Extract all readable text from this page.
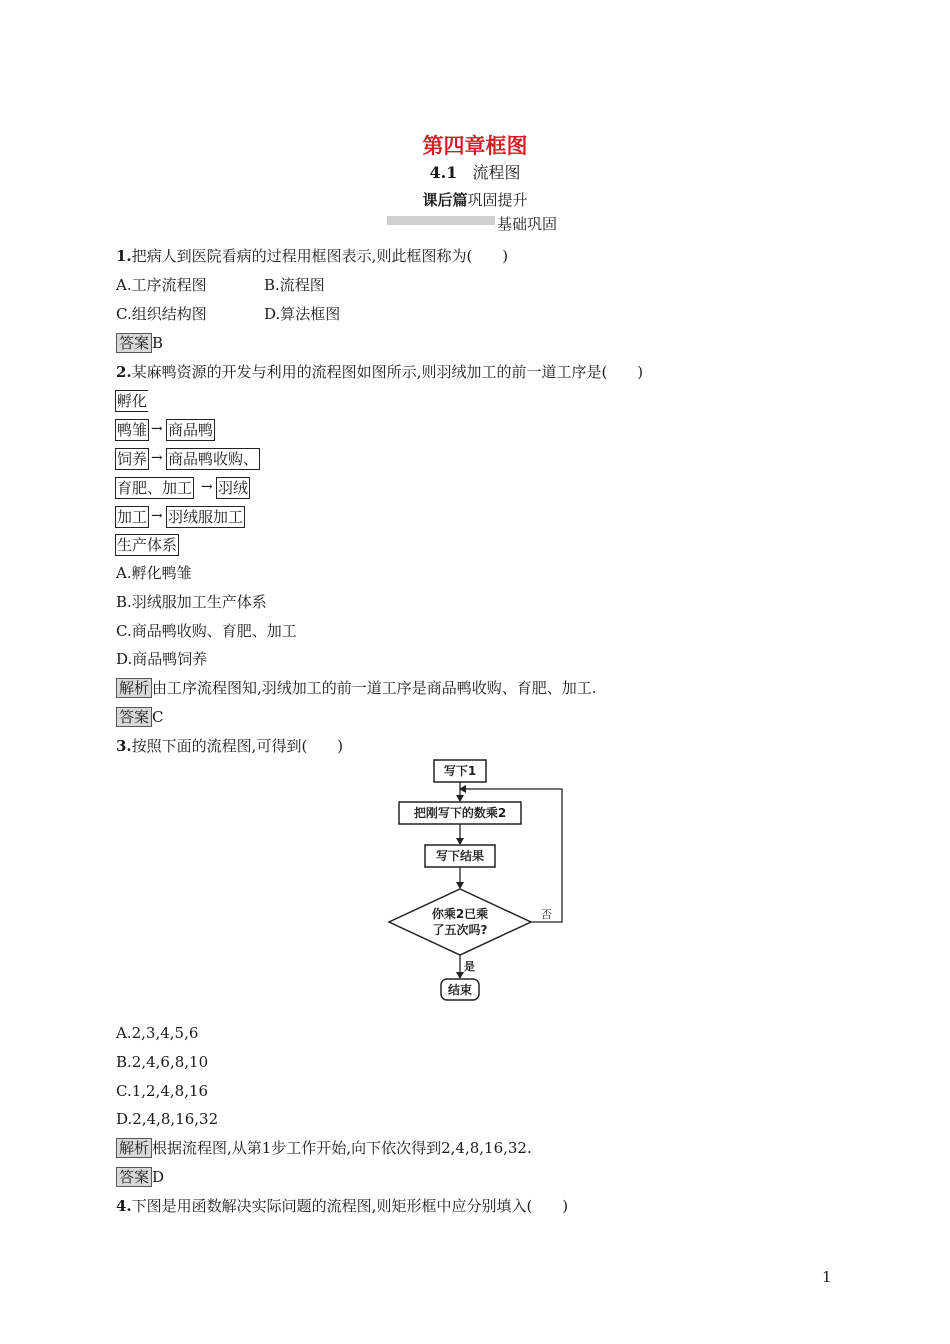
第四章框图
4.1 流程图
课后篇巩固提升
基础巩固
1.把病人到医院看病的过程用框图表示,则此框图称为(　　)
A.工序流程图	B.流程图
C.组织结构图	D.算法框图
答案 B
2.某麻鸭资源的开发与利用的流程图如图所示,则羽绒加工的前一道工序是(　　)
孵化
鸭雏 → 商品鸭
饲养 → 商品鸭收购、
育肥、加工 → 羽绒
加工 → 羽绒服加工
生产体系
A.孵化鸭雏
B.羽绒服加工生产体系
C.商品鸭收购、育肥、加工
D.商品鸭饲养
解析 由工序流程图知,羽绒加工的前一道工序是商品鸭收购、育肥、加工.
答案 C
3.按照下面的流程图,可得到(　　)
写下1
把刚写下的数乘2
写下结果
你乘2已乘
了五次吗?
否
是
结束
A.2,3,4,5,6
B.2,4,6,8,10
C.1,2,4,8,16
D.2,4,8,16,32
解析 根据流程图,从第1步工作开始,向下依次得到2,4,8,16,32.
答案 D
4.下图是用函数解决实际问题的流程图,则矩形框中应分别填入(　　)
1
